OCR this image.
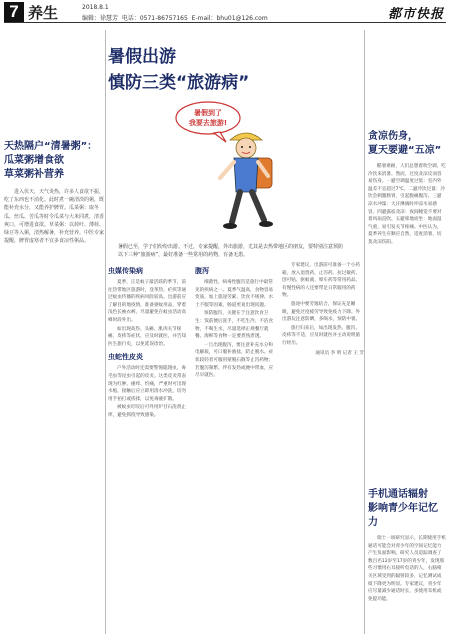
7 养生	2018.8.1
编辑：徐慧芳 电话：0571-86757165 E-mail：bhu01@126.com	都市快报
暑假出游
慎防三类“旅游病”
暑假到了
我要去旅游!
暑假已至，学子们纷纷出游。不过，专家提醒，外出旅游，尤其是去热带地区的朋友，要特别注意预防以下三种“旅游病”，最好准备一些常用的药物，有备无患。
天热隔户“清暑粥”：
瓜菜粥增食欲
草菜粥补营养
进入伏天，天气炎热，许多人食欲不振，吃了东西也不消化。此时煮一碗清淡的粥，既能补充水分，又能养护脾胃。瓜菜粥：取冬瓜、丝瓜、苦瓜等时令瓜菜与大米同煮，清香爽口，可增进食欲。草菜粥：以荷叶、薄荷、绿豆等入粥，清热解暑，补充营养。中医专家提醒，脾胃虚寒者不宜多食凉性粥品。
虫媒传染病

夏季，正是蚊子最活跃的季节，前往热带地区旅游时，登革热、疟疾等通过蚊虫传播的疾病风险较高。出游前应了解目的地疫情，准备驱蚊用品，穿着浅色长袖衣裤，尽量避免在蚊虫活动高峰时段外出。

如出现高热、头痛、肌肉关节疼痛、皮疹等症状，应及时就医，并告知医生旅行史，以免延误诊治。

虫蛇性皮炎

户外活动时还需要警惕隐翅虫、毒毛虫等昆虫引起的皮炎。这类皮炎常表现为红肿、瘙痒、灼痛，严重时可出现水疱。接触后应立即用清水冲洗，切勿用手拍打或搓揉，以免毒液扩散。

被蚊虫叮咬后可外用炉甘石洗剂止痒，避免抓挠导致感染。

腹泻

细菌性、病毒性腹泻是旅行中最常见的疾病之一。夏季气温高，食物容易变质，加上旅途劳累、饮食不规律、水土不服等因素，肠道更易出现问题。

预防腹泻，关键在于注意饮食卫生：饭前便后洗手，不吃生冷、不洁食物，不喝生水，尽量选择正规餐厅就餐。海鲜等食物一定要煮熟煮透。

一旦出现腹泻，要注意补充水分和电解质，可口服补液盐，防止脱水。症状较轻者可服用蒙脱石散等止泻药物；若腹泻频繁、伴有发热或便中带血，应尽早就医。

专家建议，出游前可准备一个小药箱，放入退烧药、止泻药、抗过敏药、创可贴、驱蚊液、晕车药等常用药品。有慢性病的人还要带足日常服用的药物。

旅途中要劳逸结合，保证充足睡眠，避免过度疲劳导致免疫力下降。外出游玩注意防晒，多喝水，预防中暑。

旅行归来后，如出现发热、腹泻、皮疹等不适，应及时就医并主动说明旅行经历。

通讯员 李 明 记者 王 芳
贪凉伤身，
夏天要避“五凉”
酷暑难耐，人们总想着吹空调、吃冷饮来消暑。然而，过度贪凉反而容易伤身。一避空调温度过低：室内外温差不宜超过7℃。二避冷饮过量：冷饮会刺激肠胃，引起腹痛腹泻。三避凉水冲澡：大汗淋漓时冲凉水易感冒。四避露宿贪凉：夜间睡觉不要对着风扇直吹。五避席地而坐：地面湿气重，易引发关节疼痛。中医认为，夏季养生应顺应自然，适度消暑，切莫贪凉伤阳。
手机通话辐射
影响青少年记忆力
瑞士一项研究显示，长期使用手机通话可能会对青少年的空间记忆能力产生负面影响。研究人员追踪调查了数百名12岁至17岁的青少年，发现那些习惯用右耳接听电话的人，右脑相关区域受到的辐射较多，记忆测试成绩下降更为明显。专家建议，青少年应尽量减少通话时长，多使用耳机或免提功能。
